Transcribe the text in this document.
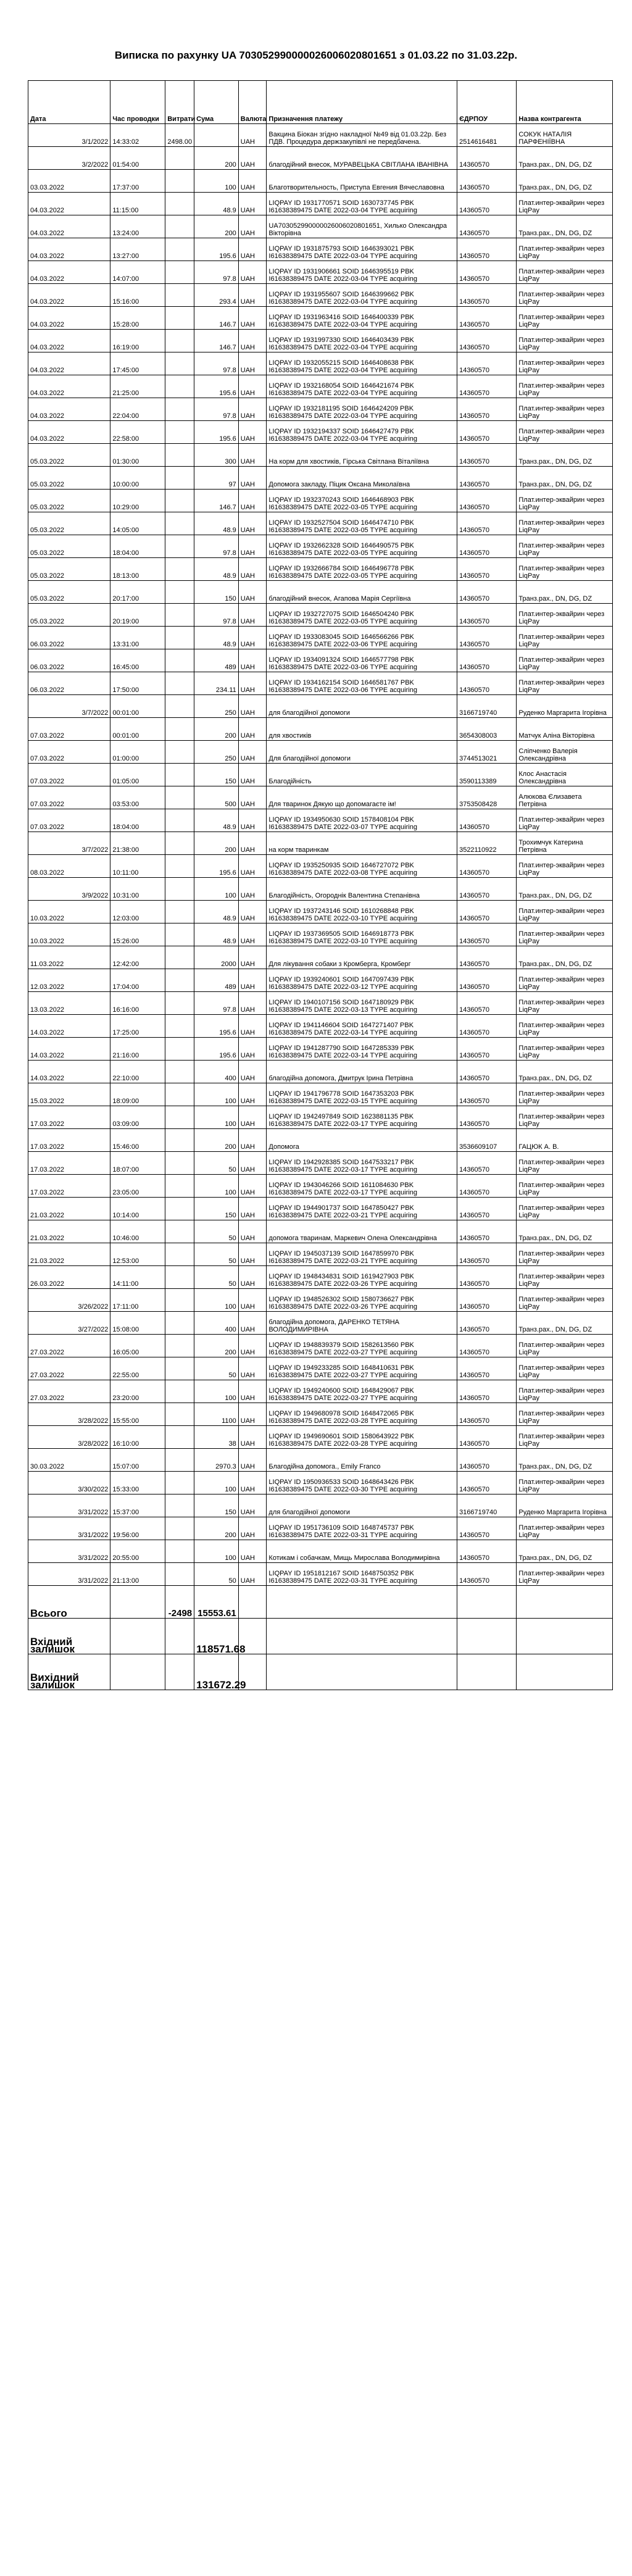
Виписка по рахунку UA 703052990000026006020801651 з 01.03.22 по 31.03.22р.
Дата	Час проводки	Витрати	Сума	Валюта	Призначення платежу	ЄДРПОУ	Назва контрагента
3/1/2022	14:33:02	2498.00		UAH	Вакцина Біокан згідно накладної №49 від 01.03.22р. Без ПДВ. Процедура держзакупівлі не передбачена.	2514616481	СОКУК НАТАЛІЯ ПАРФЕНІЇВНА
3/2/2022	01:54:00		200	UAH	благодійний внесок, МУРАВЕЦЬКА СВІТЛАНА ІВАНІВНА	14360570	Транз.рах., DN, DG, DZ
03.03.2022	17:37:00		100	UAH	Благотворительность, Приступа Евгения Вячеславовна	14360570	Транз.рах., DN, DG, DZ
04.03.2022	11:15:00		48.9	UAH	LIQPAY ID 1931770571 SOID 1630737745 PBK I61638389475 DATE 2022-03-04 TYPE acquiring	14360570	Плат.интер-эквайрин через LiqPay
04.03.2022	13:24:00		200	UAH	UA703052990000026006020801651, Хилько Олександра Вікторівна	14360570	Транз.рах., DN, DG, DZ
04.03.2022	13:27:00		195.6	UAH	LIQPAY ID 1931875793 SOID 1646393021 PBK I61638389475 DATE 2022-03-04 TYPE acquiring	14360570	Плат.интер-эквайрин через LiqPay
04.03.2022	14:07:00		97.8	UAH	LIQPAY ID 1931906661 SOID 1646395519 PBK I61638389475 DATE 2022-03-04 TYPE acquiring	14360570	Плат.интер-эквайрин через LiqPay
04.03.2022	15:16:00		293.4	UAH	LIQPAY ID 1931955607 SOID 1646399662 PBK I61638389475 DATE 2022-03-04 TYPE acquiring	14360570	Плат.интер-эквайрин через LiqPay
04.03.2022	15:28:00		146.7	UAH	LIQPAY ID 1931963416 SOID 1646400339 PBK I61638389475 DATE 2022-03-04 TYPE acquiring	14360570	Плат.интер-эквайрин через LiqPay
04.03.2022	16:19:00		146.7	UAH	LIQPAY ID 1931997330 SOID 1646403439 PBK I61638389475 DATE 2022-03-04 TYPE acquiring	14360570	Плат.интер-эквайрин через LiqPay
04.03.2022	17:45:00		97.8	UAH	LIQPAY ID 1932055215 SOID 1646408638 PBK I61638389475 DATE 2022-03-04 TYPE acquiring	14360570	Плат.интер-эквайрин через LiqPay
04.03.2022	21:25:00		195.6	UAH	LIQPAY ID 1932168054 SOID 1646421674 PBK I61638389475 DATE 2022-03-04 TYPE acquiring	14360570	Плат.интер-эквайрин через LiqPay
04.03.2022	22:04:00		97.8	UAH	LIQPAY ID 1932181195 SOID 1646424209 PBK I61638389475 DATE 2022-03-04 TYPE acquiring	14360570	Плат.интер-эквайрин через LiqPay
04.03.2022	22:58:00		195.6	UAH	LIQPAY ID 1932194337 SOID 1646427479 PBK I61638389475 DATE 2022-03-04 TYPE acquiring	14360570	Плат.интер-эквайрин через LiqPay
05.03.2022	01:30:00		300	UAH	На корм для хвостиків, Гірська Світлана Віталіївна	14360570	Транз.рах., DN, DG, DZ
05.03.2022	10:00:00		97	UAH	Допомога закладу, Піцик Оксана Миколаївна	14360570	Транз.рах., DN, DG, DZ
05.03.2022	10:29:00		146.7	UAH	LIQPAY ID 1932370243 SOID 1646468903 PBK I61638389475 DATE 2022-03-05 TYPE acquiring	14360570	Плат.интер-эквайрин через LiqPay
05.03.2022	14:05:00		48.9	UAH	LIQPAY ID 1932527504 SOID 1646474710 PBK I61638389475 DATE 2022-03-05 TYPE acquiring	14360570	Плат.интер-эквайрин через LiqPay
05.03.2022	18:04:00		97.8	UAH	LIQPAY ID 1932662328 SOID 1646490575 PBK I61638389475 DATE 2022-03-05 TYPE acquiring	14360570	Плат.интер-эквайрин через LiqPay
05.03.2022	18:13:00		48.9	UAH	LIQPAY ID 1932666784 SOID 1646496778 PBK I61638389475 DATE 2022-03-05 TYPE acquiring	14360570	Плат.интер-эквайрин через LiqPay
05.03.2022	20:17:00		150	UAH	благодійний внесок, Агапова Марія Сергіївна	14360570	Транз.рах., DN, DG, DZ
05.03.2022	20:19:00		97.8	UAH	LIQPAY ID 1932727075 SOID 1646504240 PBK I61638389475 DATE 2022-03-05 TYPE acquiring	14360570	Плат.интер-эквайрин через LiqPay
06.03.2022	13:31:00		48.9	UAH	LIQPAY ID 1933083045 SOID 1646566266 PBK I61638389475 DATE 2022-03-06 TYPE acquiring	14360570	Плат.интер-эквайрин через LiqPay
06.03.2022	16:45:00		489	UAH	LIQPAY ID 1934091324 SOID 1646577798 PBK I61638389475 DATE 2022-03-06 TYPE acquiring	14360570	Плат.интер-эквайрин через LiqPay
06.03.2022	17:50:00		234.11	UAH	LIQPAY ID 1934162154 SOID 1646581767 PBK I61638389475 DATE 2022-03-06 TYPE acquiring	14360570	Плат.интер-эквайрин через LiqPay
3/7/2022	00:01:00		250	UAH	для благодійної допомоги	3166719740	Руденко Маргарита Ігорівна
07.03.2022	00:01:00		200	UAH	для хвостиків	3654308003	Матчук Аліна Вікторівна
07.03.2022	01:00:00		250	UAH	Для благодійної допомоги	3744513021	Сліпченко Валерія Олександрівна
07.03.2022	01:05:00		150	UAH	Благодійність	3590113389	Клос Анастасія Олександрівна
07.03.2022	03:53:00		500	UAH	Для тваринок Дякую що допомагаєте ім!	3753508428	Алюкова Єлизавета Петрівна
07.03.2022	18:04:00		48.9	UAH	LIQPAY ID 1934950630 SOID 1578408104 PBK I61638389475 DATE 2022-03-07 TYPE acquiring	14360570	Плат.интер-эквайрин через LiqPay
3/7/2022	21:38:00		200	UAH	на корм тваринкам	3522110922	Трохимчук Катерина Петрівна
08.03.2022	10:11:00		195.6	UAH	LIQPAY ID 1935250935 SOID 1646727072 PBK I61638389475 DATE 2022-03-08 TYPE acquiring	14360570	Плат.интер-эквайрин через LiqPay
3/9/2022	10:31:00		100	UAH	Благодійність, Огороднік Валентина Степанівна	14360570	Транз.рах., DN, DG, DZ
10.03.2022	12:03:00		48.9	UAH	LIQPAY ID 1937243146 SOID 1610268848 PBK I61638389475 DATE 2022-03-10 TYPE acquiring	14360570	Плат.интер-эквайрин через LiqPay
10.03.2022	15:26:00		48.9	UAH	LIQPAY ID 1937369505 SOID 1646918773 PBK I61638389475 DATE 2022-03-10 TYPE acquiring	14360570	Плат.интер-эквайрин через LiqPay
11.03.2022	12:42:00		2000	UAH	Для лікування собаки з Кромберга, Кромберг	14360570	Транз.рах., DN, DG, DZ
12.03.2022	17:04:00		489	UAH	LIQPAY ID 1939240601 SOID 1647097439 PBK I61638389475 DATE 2022-03-12 TYPE acquiring	14360570	Плат.интер-эквайрин через LiqPay
13.03.2022	16:16:00		97.8	UAH	LIQPAY ID 1940107156 SOID 1647180929 PBK I61638389475 DATE 2022-03-13 TYPE acquiring	14360570	Плат.интер-эквайрин через LiqPay
14.03.2022	17:25:00		195.6	UAH	LIQPAY ID 1941146604 SOID 1647271407 PBK I61638389475 DATE 2022-03-14 TYPE acquiring	14360570	Плат.интер-эквайрин через LiqPay
14.03.2022	21:16:00		195.6	UAH	LIQPAY ID 1941287790 SOID 1647285339 PBK I61638389475 DATE 2022-03-14 TYPE acquiring	14360570	Плат.интер-эквайрин через LiqPay
14.03.2022	22:10:00		400	UAH	благодійна допомога, Дмитрук Ірина Петрівна	14360570	Транз.рах., DN, DG, DZ
15.03.2022	18:09:00		100	UAH	LIQPAY ID 1941796778 SOID 1647353203 PBK I61638389475 DATE 2022-03-15 TYPE acquiring	14360570	Плат.интер-эквайрин через LiqPay
17.03.2022	03:09:00		100	UAH	LIQPAY ID 1942497849 SOID 1623881135 PBK I61638389475 DATE 2022-03-17 TYPE acquiring	14360570	Плат.интер-эквайрин через LiqPay
17.03.2022	15:46:00		200	UAH	Допомога	3536609107	ГАЦЮК А. В.
17.03.2022	18:07:00		50	UAH	LIQPAY ID 1942928385 SOID 1647533217 PBK I61638389475 DATE 2022-03-17 TYPE acquiring	14360570	Плат.интер-эквайрин через LiqPay
17.03.2022	23:05:00		100	UAH	LIQPAY ID 1943046266 SOID 1611084630 PBK I61638389475 DATE 2022-03-17 TYPE acquiring	14360570	Плат.интер-эквайрин через LiqPay
21.03.2022	10:14:00		150	UAH	LIQPAY ID 1944901737 SOID 1647850427 PBK I61638389475 DATE 2022-03-21 TYPE acquiring	14360570	Плат.интер-эквайрин через LiqPay
21.03.2022	10:46:00		50	UAH	допомога тваринам, Маркевич Олена Олександрівна	14360570	Транз.рах., DN, DG, DZ
21.03.2022	12:53:00		50	UAH	LIQPAY ID 1945037139 SOID 1647859970 PBK I61638389475 DATE 2022-03-21 TYPE acquiring	14360570	Плат.интер-эквайрин через LiqPay
26.03.2022	14:11:00		50	UAH	LIQPAY ID 1948434831 SOID 1619427903 PBK I61638389475 DATE 2022-03-26 TYPE acquiring	14360570	Плат.интер-эквайрин через LiqPay
3/26/2022	17:11:00		100	UAH	LIQPAY ID 1948526302 SOID 1580736627 PBK I61638389475 DATE 2022-03-26 TYPE acquiring	14360570	Плат.интер-эквайрин через LiqPay
3/27/2022	15:08:00		400	UAH	благодійна допомога, ДАРЕНКО ТЕТЯНА ВОЛОДИМИРІВНА	14360570	Транз.рах., DN, DG, DZ
27.03.2022	16:05:00		200	UAH	LIQPAY ID 1948839379 SOID 1582613560 PBK I61638389475 DATE 2022-03-27 TYPE acquiring	14360570	Плат.интер-эквайрин через LiqPay
27.03.2022	22:55:00		50	UAH	LIQPAY ID 1949233285 SOID 1648410631 PBK I61638389475 DATE 2022-03-27 TYPE acquiring	14360570	Плат.интер-эквайрин через LiqPay
27.03.2022	23:20:00		100	UAH	LIQPAY ID 1949240600 SOID 1648429067 PBK I61638389475 DATE 2022-03-27 TYPE acquiring	14360570	Плат.интер-эквайрин через LiqPay
3/28/2022	15:55:00		1100	UAH	LIQPAY ID 1949680978 SOID 1648472065 PBK I61638389475 DATE 2022-03-28 TYPE acquiring	14360570	Плат.интер-эквайрин через LiqPay
3/28/2022	16:10:00		38	UAH	LIQPAY ID 1949690601 SOID 1580643922 PBK I61638389475 DATE 2022-03-28 TYPE acquiring	14360570	Плат.интер-эквайрин через LiqPay
30.03.2022	15:07:00		2970.3	UAH	Благодійна допомога., Emily Franco	14360570	Транз.рах., DN, DG, DZ
3/30/2022	15:33:00		100	UAH	LIQPAY ID 1950936533 SOID 1648643426 PBK I61638389475 DATE 2022-03-30 TYPE acquiring	14360570	Плат.интер-эквайрин через LiqPay
3/31/2022	15:37:00		150	UAH	для благодійної допомоги	3166719740	Руденко Маргарита Ігорівна
3/31/2022	19:56:00		200	UAH	LIQPAY ID 1951736109 SOID 1648745737 PBK I61638389475 DATE 2022-03-31 TYPE acquiring	14360570	Плат.интер-эквайрин через LiqPay
3/31/2022	20:55:00		100	UAH	Котикам і собачкам, Мищь Мирослава Володимирівна	14360570	Транз.рах., DN, DG, DZ
3/31/2022	21:13:00		50	UAH	LIQPAY ID 1951812167 SOID 1648750352 PBK I61638389475 DATE 2022-03-31 TYPE acquiring	14360570	Плат.интер-эквайрин через LiqPay
Всього		-2498	15553.61				
Вхідний залишок			118571.68				
Вихідний залишок			131672.29				
